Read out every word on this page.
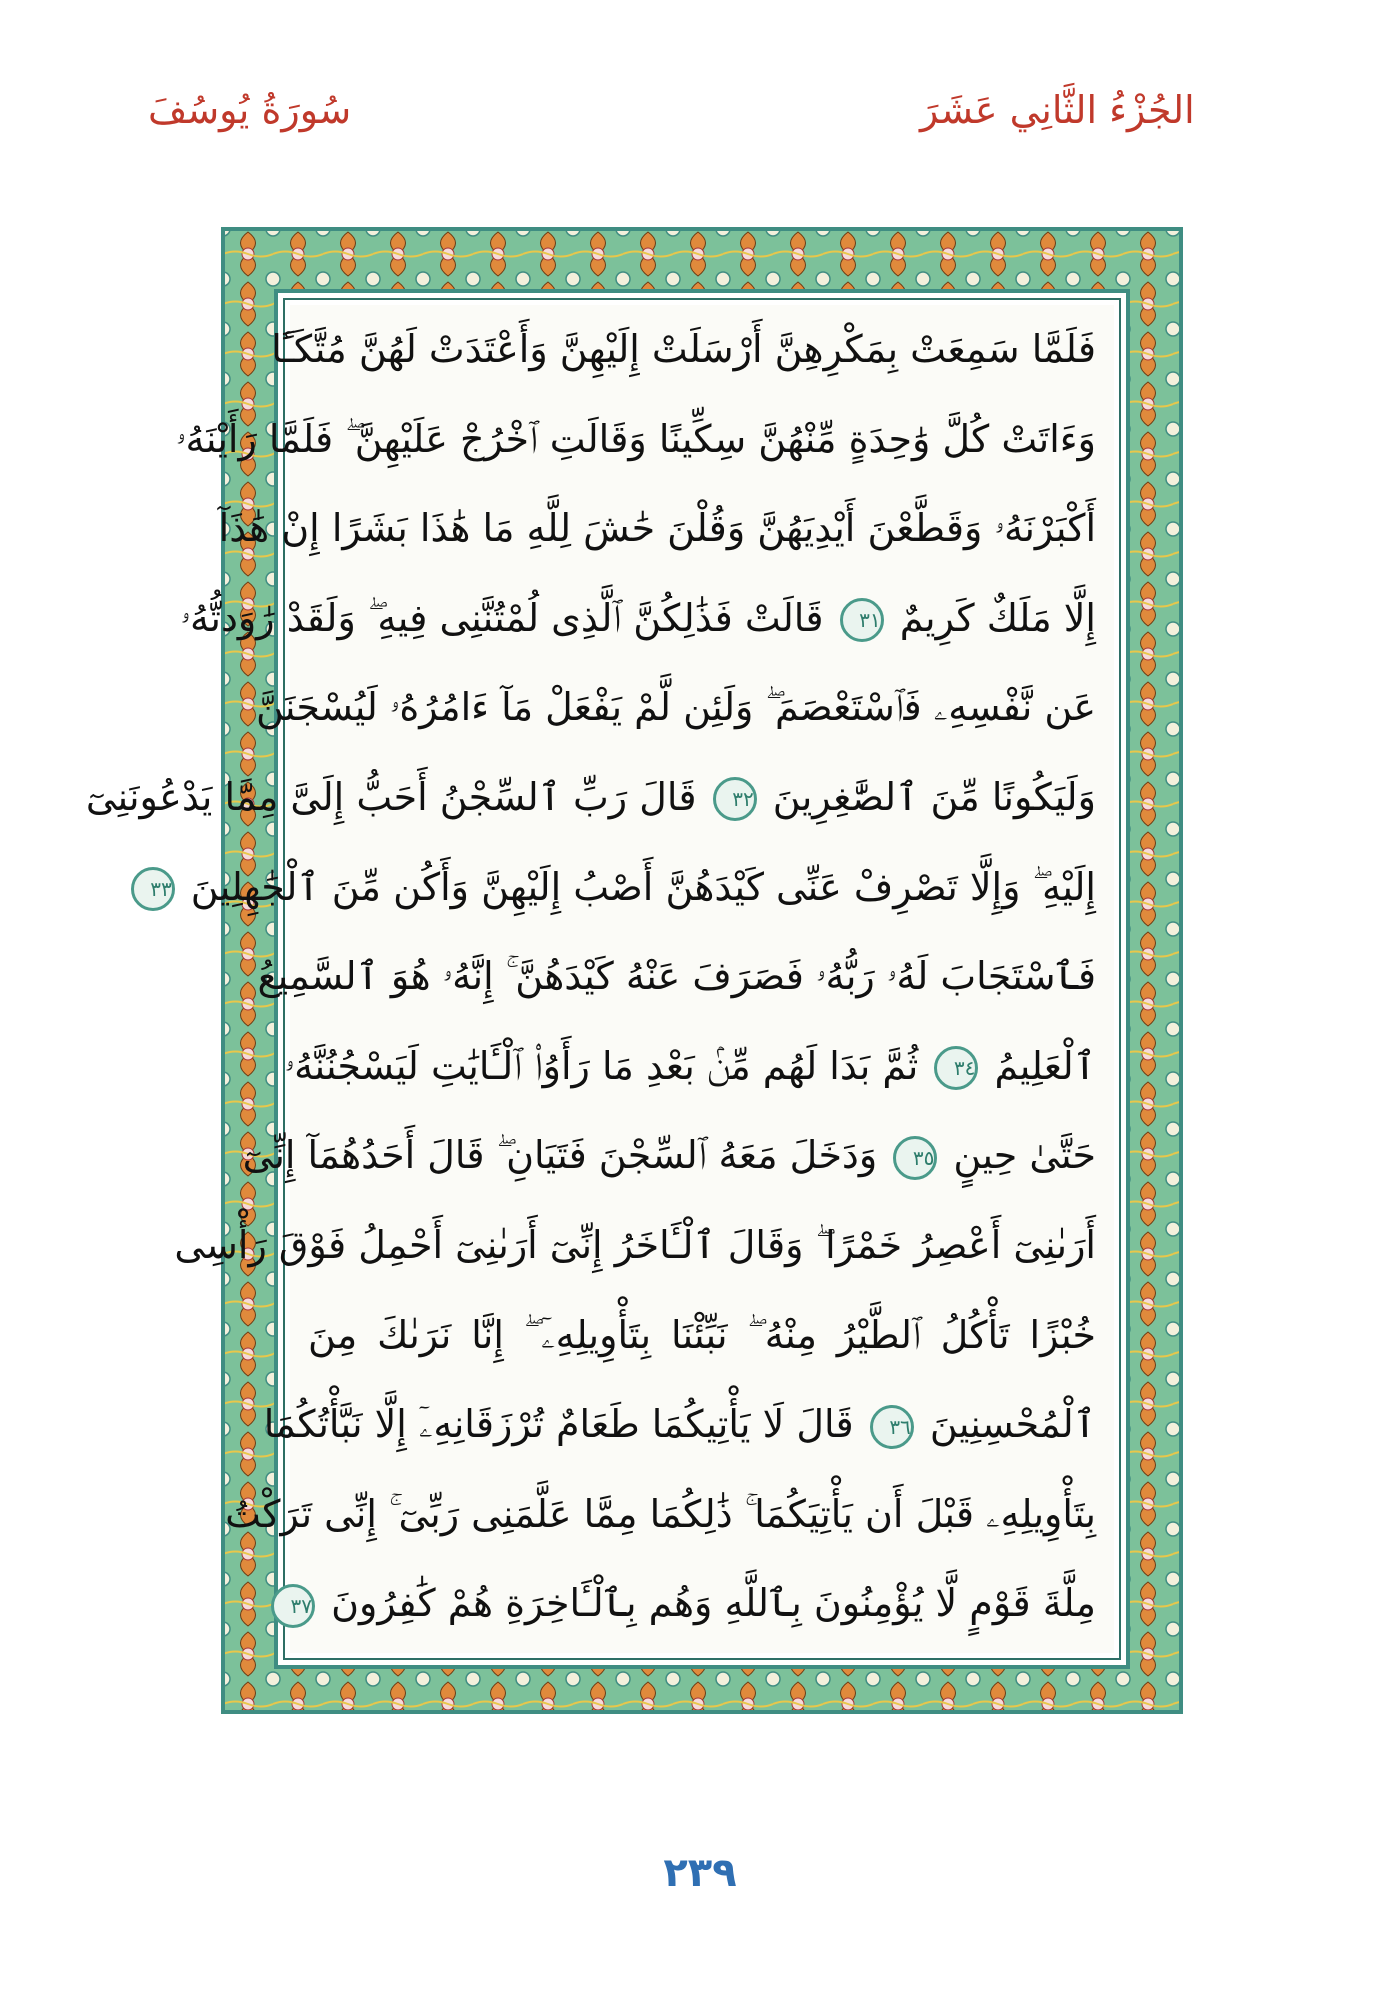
الجُزْءُ الثَّانِي عَشَرَ
سُورَةُ يُوسُفَ
فَلَمَّا سَمِعَتْ بِمَكْرِهِنَّ أَرْسَلَتْ إِلَيْهِنَّ وَأَعْتَدَتْ لَهُنَّ مُتَّكَـًٔا
وَءَاتَتْ كُلَّ وَٰحِدَةٍ مِّنْهُنَّ سِكِّينًا وَقَالَتِ ٱخْرُجْ عَلَيْهِنَّ ۖ فَلَمَّا رَأَيْنَهُۥ
أَكْبَرْنَهُۥ وَقَطَّعْنَ أَيْدِيَهُنَّ وَقُلْنَ حَٰشَ لِلَّهِ مَا هَٰذَا بَشَرًا إِنْ هَٰذَآ
إِلَّا مَلَكٌ كَرِيمٌ ٣١ قَالَتْ فَذَٰلِكُنَّ ٱلَّذِى لُمْتُنَّنِى فِيهِ ۖ وَلَقَدْ رَٰوَدتُّهُۥ
عَن نَّفْسِهِۦ فَٱسْتَعْصَمَ ۖ وَلَئِن لَّمْ يَفْعَلْ مَآ ءَامُرُهُۥ لَيُسْجَنَنَّ
وَلَيَكُونًا مِّنَ ٱلصَّٰغِرِينَ ٣٢ قَالَ رَبِّ ٱلسِّجْنُ أَحَبُّ إِلَىَّ مِمَّا يَدْعُونَنِىٓ
إِلَيْهِ ۖ وَإِلَّا تَصْرِفْ عَنِّى كَيْدَهُنَّ أَصْبُ إِلَيْهِنَّ وَأَكُن مِّنَ ٱلْجَٰهِلِينَ ٣٣
فَٱسْتَجَابَ لَهُۥ رَبُّهُۥ فَصَرَفَ عَنْهُ كَيْدَهُنَّ ۚ إِنَّهُۥ هُوَ ٱلسَّمِيعُ
ٱلْعَلِيمُ ٣٤ ثُمَّ بَدَا لَهُم مِّنۢ بَعْدِ مَا رَأَوُا۟ ٱلْـَٔايَٰتِ لَيَسْجُنُنَّهُۥ
حَتَّىٰ حِينٍ ٣٥ وَدَخَلَ مَعَهُ ٱلسِّجْنَ فَتَيَانِ ۖ قَالَ أَحَدُهُمَآ إِنِّىٓ
أَرَىٰنِىٓ أَعْصِرُ خَمْرًا ۖ وَقَالَ ٱلْـَٔاخَرُ إِنِّىٓ أَرَىٰنِىٓ أَحْمِلُ فَوْقَ رَأْسِى
خُبْزًا تَأْكُلُ ٱلطَّيْرُ مِنْهُ ۖ نَبِّئْنَا بِتَأْوِيلِهِۦٓ ۖ إِنَّا نَرَىٰكَ مِنَ
ٱلْمُحْسِنِينَ ٣٦ قَالَ لَا يَأْتِيكُمَا طَعَامٌ تُرْزَقَانِهِۦٓ إِلَّا نَبَّأْتُكُمَا
بِتَأْوِيلِهِۦ قَبْلَ أَن يَأْتِيَكُمَا ۚ ذَٰلِكُمَا مِمَّا عَلَّمَنِى رَبِّىٓ ۚ إِنِّى تَرَكْتُ
مِلَّةَ قَوْمٍ لَّا يُؤْمِنُونَ بِٱللَّهِ وَهُم بِٱلْـَٔاخِرَةِ هُمْ كَٰفِرُونَ ٣٧
٢٣٩
